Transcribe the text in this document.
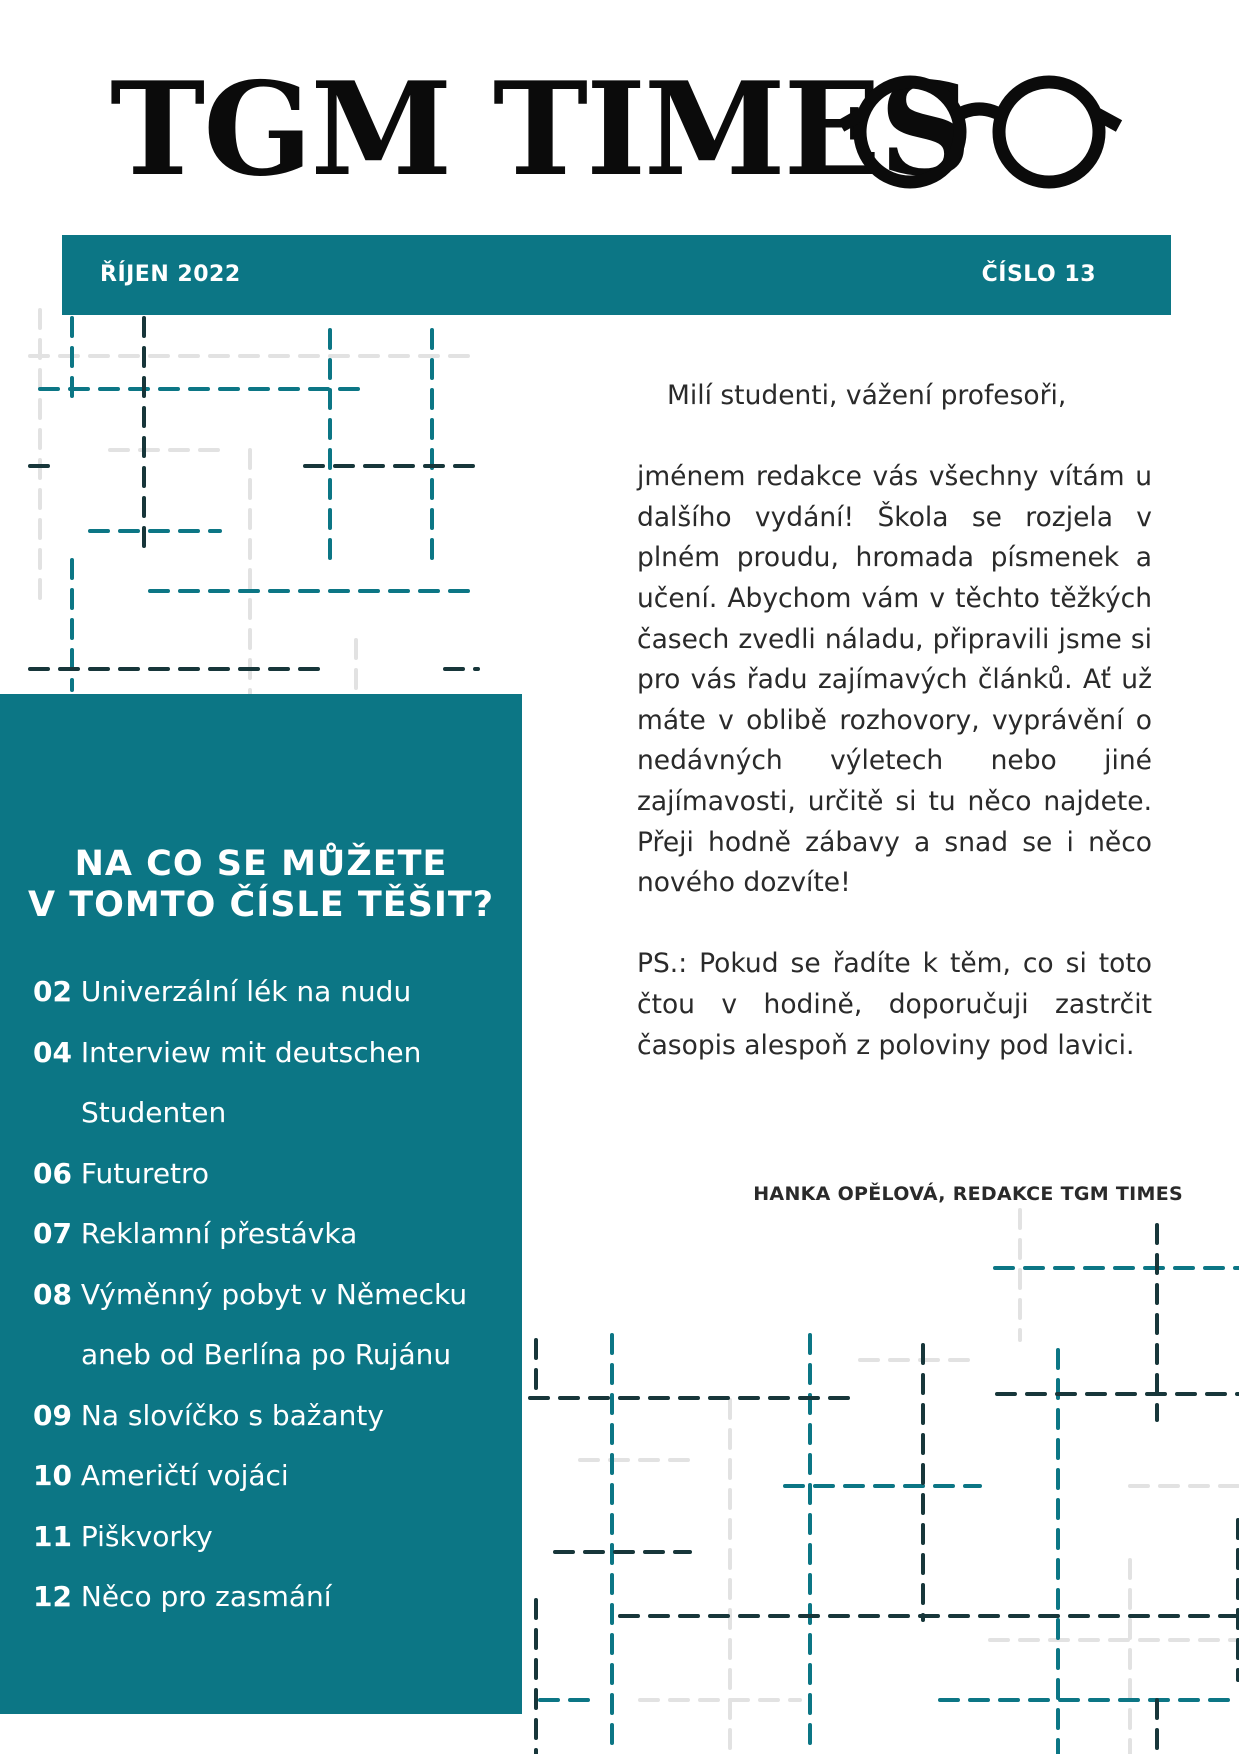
TGM TIMES
ŘÍJEN 2022	ČÍSLO 13
NA CO SE MŮŽETE
V TOMTO ČÍSLE TĚŠIT?
02 Univerzální lék na nudu
04 Interview mit deutschen
Studenten
06 Futuretro
07 Reklamní přestávka
08 Výměnný pobyt v Německu
aneb od Berlína po Rujánu
09 Na slovíčko s bažanty
10 Američtí vojáci
11 Piškvorky
12 Něco pro zasmání
Milí studenti, vážení profesoři,
jménem redakce vás všechny vítám u dalšího vydání! Škola se rozjela v plném proudu, hromada písmenek a učení. Abychom vám v těchto těžkých časech zvedli náladu, připravili jsme si pro vás řadu zajímavých článků. Ať už máte v oblibě rozhovory, vyprávění o nedávných výletech nebo jiné zajímavosti, určitě si tu něco najdete. Přeji hodně zábavy a snad se i něco nového dozvíte!
PS.: Pokud se řadíte k těm, co si toto čtou v hodině, doporučuji zastrčit časopis alespoň z poloviny pod lavici.
HANKA OPĚLOVÁ, REDAKCE TGM TIMES
